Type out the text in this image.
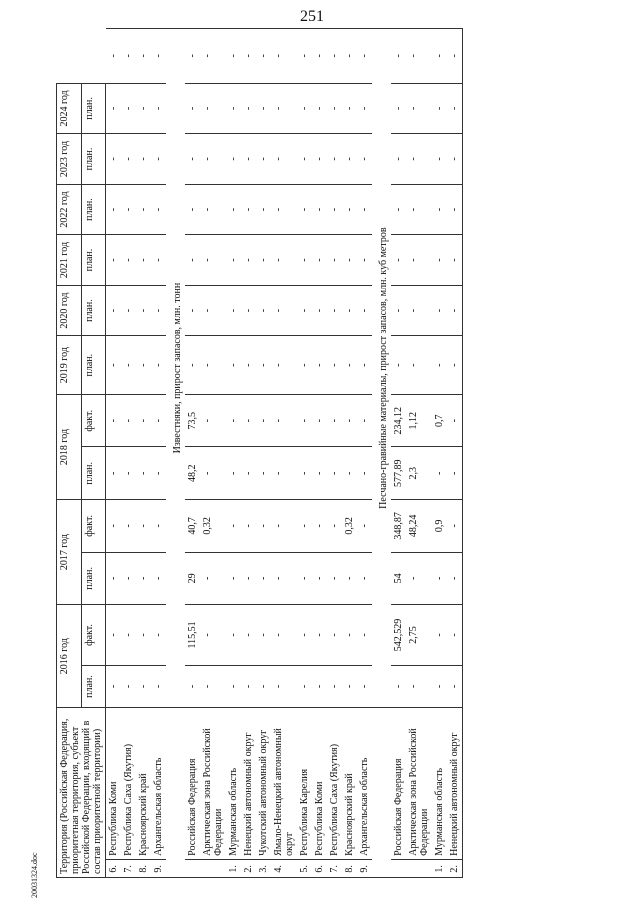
251
20031324.doc
Территория (Российская Федерация, приоритетная территория, субъект Российской Федерации, входящий в состав приоритетной территории)		2016 год		2017 год		2018 год		2019 год	2020 год	2021 год	2022 год	2023 год	2024 год	
		план.	факт.	план.	факт.	план.	факт.	план.	план.	план.	план.	план.	план.	
6.	Республика Коми	-	-	-	-	-	-	-	-	-	-	-	-	-
7.	Республика Саха (Якутия)	-	-	-	-	-	-	-	-	-	-	-	-	-
8.	Красноярский край	-	-	-	-	-	-	-	-	-	-	-	-	-
9.	Архангельская область	-	-	-	-	-	-	-	-	-	-	-	-	-
		Известняки, прирост запасов, млн. тонн												
	Российская Федерация	-	115,51	29	40,7	48,2	73,5	-	-	-	-	-	-	-
	Арктическая зона Российской Федерации	-	-	-	0,32	-	-	-	-	-	-	-	-	-
1.	Мурманская область	-	-	-	-	-	-	-	-	-	-	-	-	-
2.	Ненецкий автономный округ	-	-	-	-	-	-	-	-	-	-	-	-	-
3.	Чукотский автономный округ	-	-	-	-	-	-	-	-	-	-	-	-	-
4.	Ямало-Ненецкий автономный округ	-	-	-	-	-	-	-	-	-	-	-	-	-
5.	Республика Карелия	-	-	-	-	-	-	-	-	-	-	-	-	-
6.	Республика Коми	-	-	-	-	-	-	-	-	-	-	-	-	-
7.	Республика Саха (Якутия)	-	-	-	-	-	-	-	-	-	-	-	-	-
8.	Красноярский край	-	-	-	0,32	-	-	-	-	-	-	-	-	-
9.	Архангельская область	-	-	-	-	-	-	-	-	-	-	-	-	-
		Песчано-гравийные материалы, прирост запасов, млн. куб метров												
	Российская Федерация	-	542,529	54	348,87	577,89	234,12	-	-	-	-	-	-	-
	Арктическая зона Российской Федерации	-	2,75	-	48,24	2,3	1,12	-	-	-	-	-	-	-
1.	Мурманская область	-	-	-	0,9	-	0,7	-	-	-	-	-	-	-
2.	Ненецкий автономный округ	-	-	-	-	-	-	-	-	-	-	-	-	-
